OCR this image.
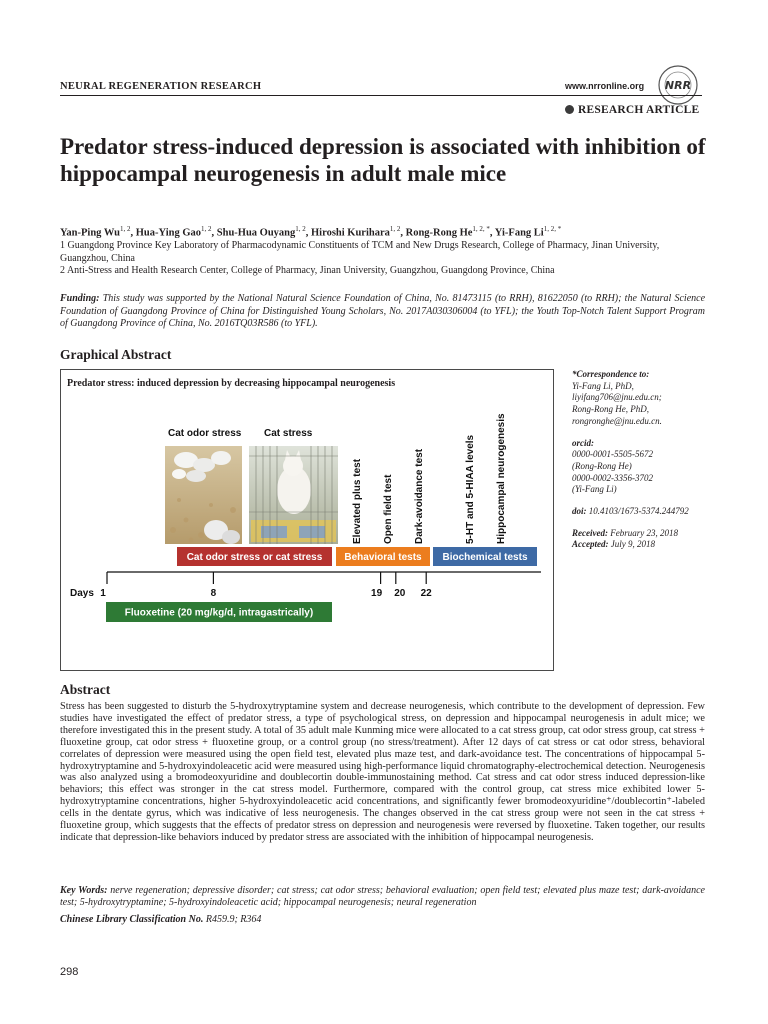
NEURAL REGENERATION RESEARCH	www.nrronline.org NRR
RESEARCH ARTICLE
Predator stress-induced depression is associated with inhibition of hippocampal neurogenesis in adult male mice
Yan-Ping Wu$^{1, 2}$, Hua-Ying Gao$^{1, 2}$, Shu-Hua Ouyang$^{1, 2}$, Hiroshi Kurihara$^{1, 2}$, Rong-Rong $He^{1, 2, *}$, Yi-Fang $Li^{1, 2, *}$
1 Guangdong Province Key Laboratory of Pharmacodynamic Constituents of TCM and New Drugs Research, College of Pharmacy, Jinan University, Guangzhou, China
2 Anti-Stress and Health Research Center, College of Pharmacy, Jinan University, Guangzhou, Guangdong Province, China
Funding: This study was supported by the National Natural Science Foundation of China, No. 81473115 (to RRH), 81622050 (to RRH); the Natural Science Foundation of Guangdong Province of China for Distinguished Young Scholars, No. 2017A030306004 (to YFL); the Youth Top-Notch Talent Support Program of Guangdong Province of China, No. 2016TQ03R586 (to YFL).
Graphical Abstract
Predator stress: induced depression by decreasing hippocampal neurogenesis
Cat odor stress Cat stress
Elevated plus test Open field test Dark-avoidance test	5-HT and 5-HIAA levels Hippocampal neurogenesis
Cat odor stress or cat stress Behavioral tests Biochemical tests
Days 1	8	19 20 22
Fluoxetine (20 mg/kg/d, intragastrically)
*Correspondence to:
Yi-Fang Li, PhD,
liyifang706@jnu.edu.cn;
Rong-Rong He, PhD,
rongronghe@jnu.edu.cn.
orcid:
0000-0001-5505-5672
(Rong-Rong He)
0000-0002-3356-3702
(Yi-Fang Li)
doi: 10.4103/1673-5374.244792
Received: February 23, 2018
Accepted: July 9, 2018
Abstract
Stress has been suggested to disturb the 5-hydroxytryptamine system and decrease neurogenesis, which contribute to the development of depression. Few studies have investigated the effect of predator stress, a type of psychological stress, on depression and hippocampal neurogenesis in adult mice; we therefore investigated this in the present study. A total of 35 adult male Kunming mice were allocated to a cat stress group, cat odor stress group, cat stress + fluoxetine group, cat odor stress + fluoxetine group, or a control group (no stress/treatment). After 12 days of cat stress or cat odor stress, behavioral correlates of depression were measured using the open field test, elevated plus maze test, and dark-avoidance test. The concentrations of hippocampal 5-hydroxytryptamine and 5-hydroxyindoleacetic acid were measured using high-performance liquid chromatography-electrochemical detection. Neurogenesis was also analyzed using a bromodeoxyuridine and doublecortin double-immunostaining method. Cat stress and cat odor stress induced depression-like behaviors; this effect was stronger in the cat stress model. Furthermore, compared with the control group, cat stress mice exhibited lower 5-hydroxytryptamine concentrations, higher 5-hydroxyindoleacetic acid concentrations, and significantly fewer bromodeoxyuridine⁺/doublecortin⁺-labeled cells in the dentate gyrus, which was indicative of less neurogenesis. The changes observed in the cat stress group were not seen in the cat stress + fluoxetine group, which suggests that the effects of predator stress on depression and neurogenesis were reversed by fluoxetine. Taken together, our results indicate that depression-like behaviors induced by predator stress are associated with the inhibition of hippocampal neurogenesis.
Key Words: nerve regeneration; depressive disorder; cat stress; cat odor stress; behavioral evaluation; open field test; elevated plus maze test; dark-avoidance test; 5-hydroxytryptamine; 5-hydroxyindoleacetic acid; hippocampal neurogenesis; neural regeneration
Chinese Library Classification No. R459.9; R364
298
